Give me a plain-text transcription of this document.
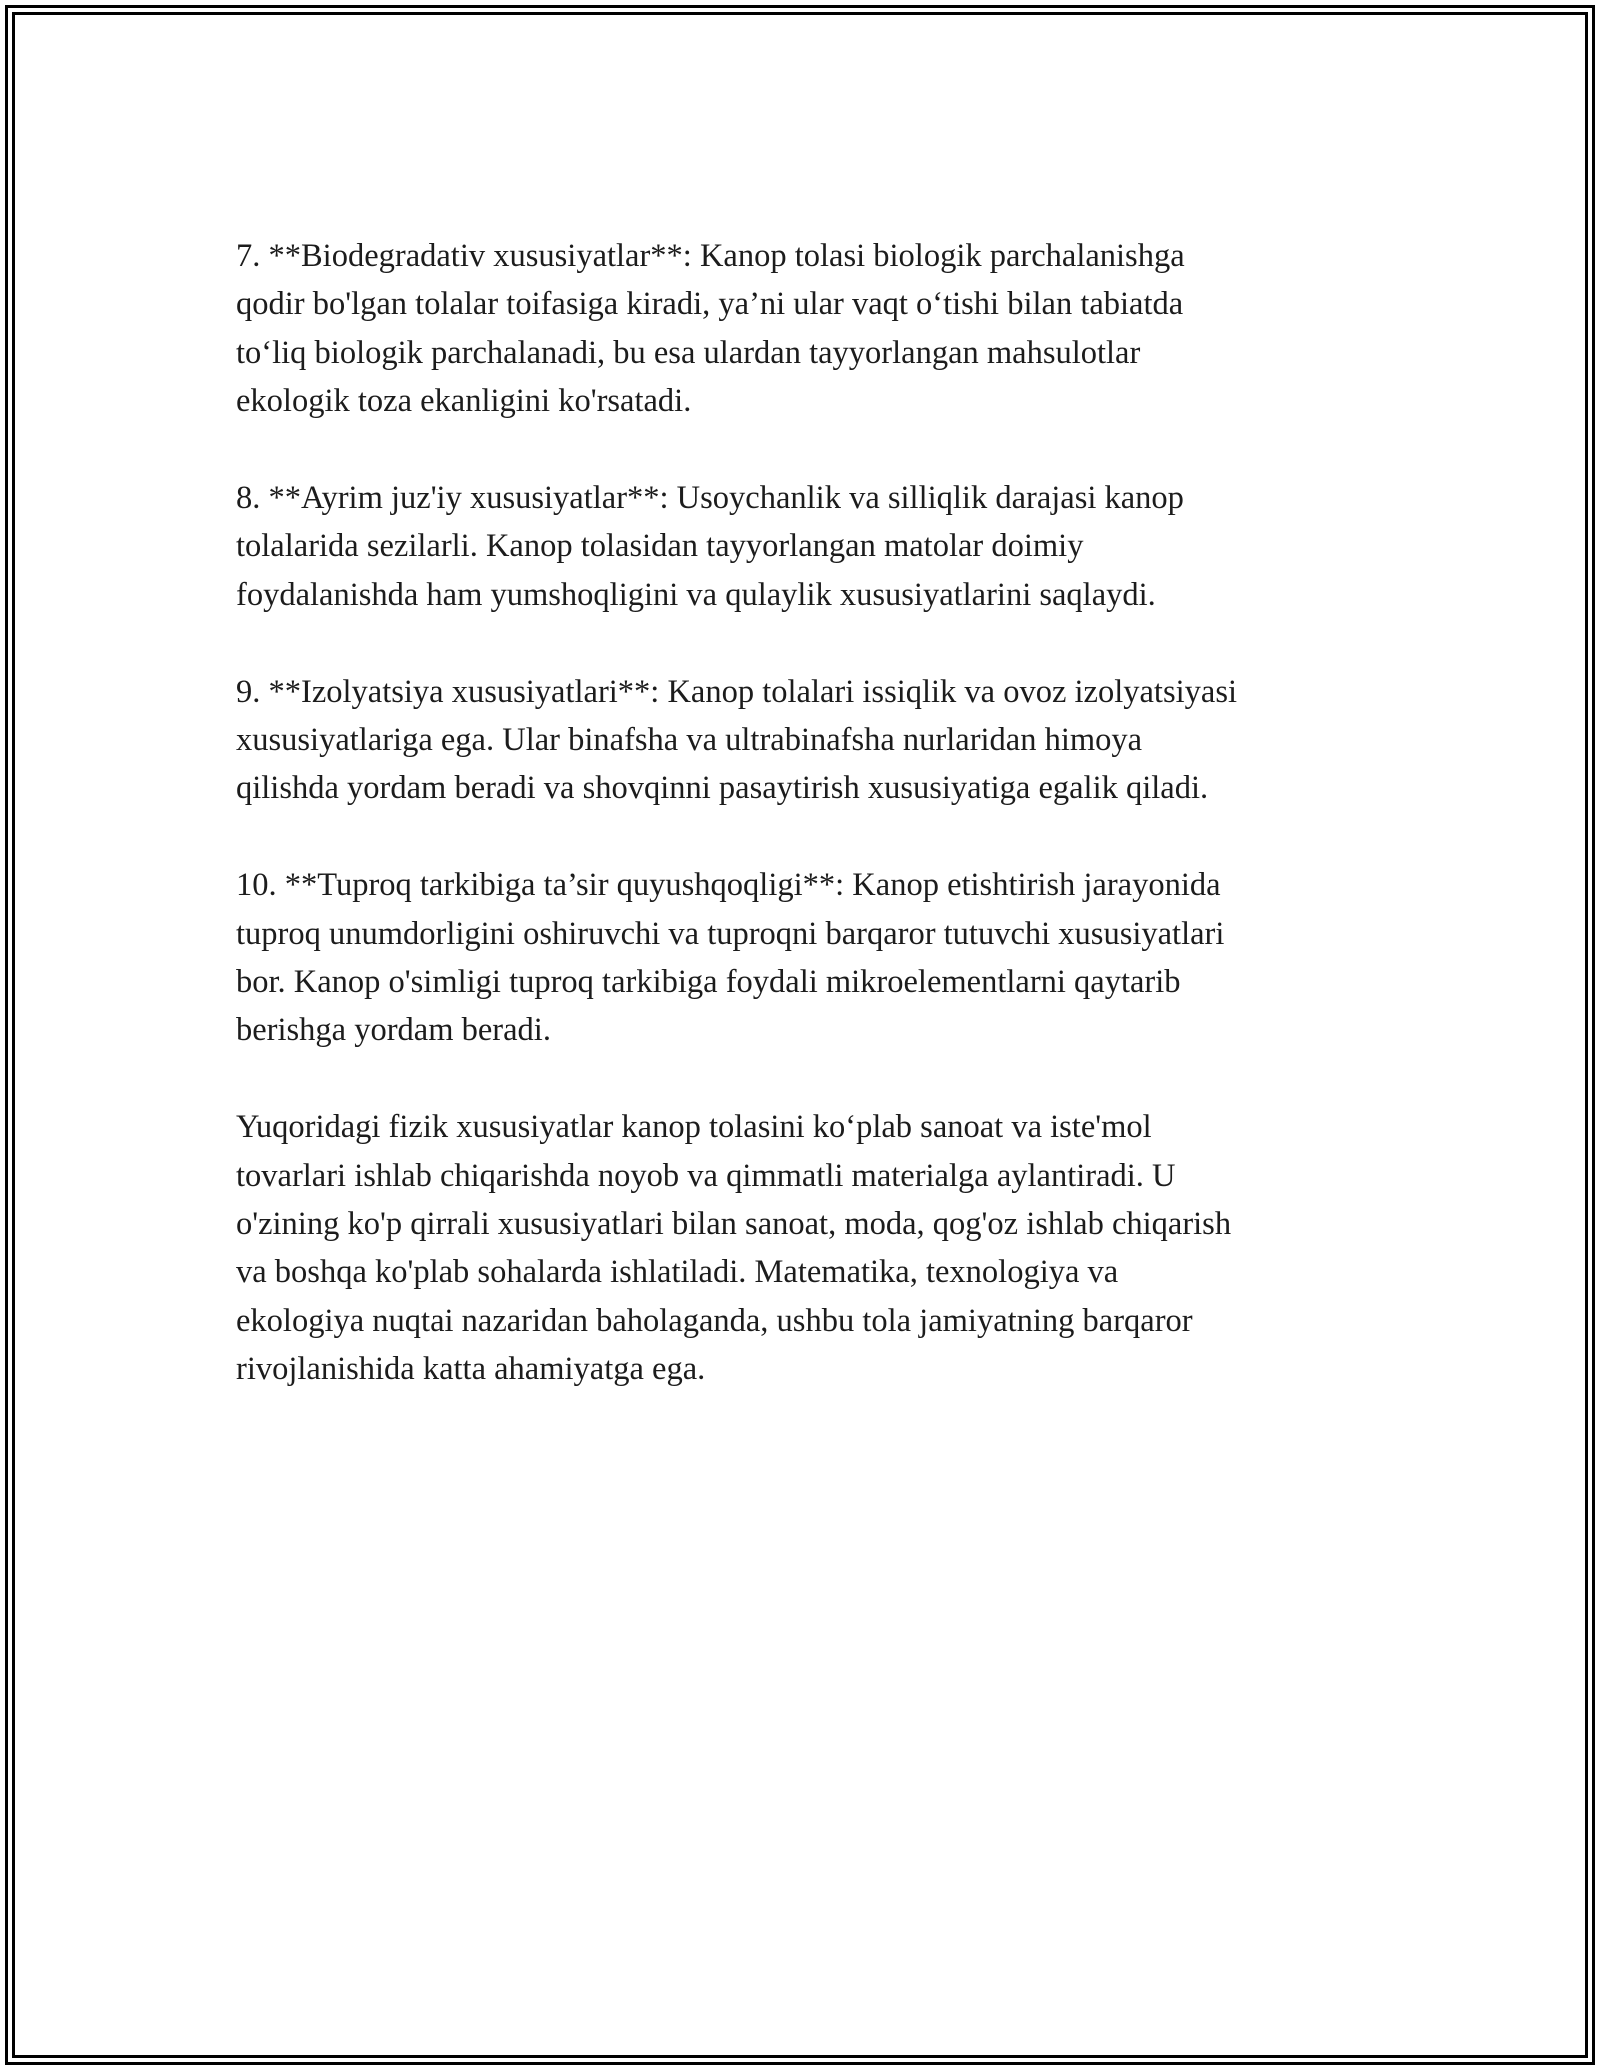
7. **Biodegradativ xususiyatlar**: Kanop tolasi biologik parchalanishga
qodir bo'lgan tolalar toifasiga kiradi, ya’ni ular vaqt o‘tishi bilan tabiatda
to‘liq biologik parchalanadi, bu esa ulardan tayyorlangan mahsulotlar
ekologik toza ekanligini ko'rsatadi.

8. **Ayrim juz'iy xususiyatlar**: Usoychanlik va silliqlik darajasi kanop
tolalarida sezilarli. Kanop tolasidan tayyorlangan matolar doimiy
foydalanishda ham yumshoqligini va qulaylik xususiyatlarini saqlaydi.

9. **Izolyatsiya xususiyatlari**: Kanop tolalari issiqlik va ovoz izolyatsiyasi
xususiyatlariga ega. Ular binafsha va ultrabinafsha nurlaridan himoya
qilishda yordam beradi va shovqinni pasaytirish xususiyatiga egalik qiladi.

10. **Tuproq tarkibiga ta’sir quyushqoqligi**: Kanop etishtirish jarayonida
tuproq unumdorligini oshiruvchi va tuproqni barqaror tutuvchi xususiyatlari
bor. Kanop o'simligi tuproq tarkibiga foydali mikroelementlarni qaytarib
berishga yordam beradi.

Yuqoridagi fizik xususiyatlar kanop tolasini ko‘plab sanoat va iste'mol
tovarlari ishlab chiqarishda noyob va qimmatli materialga aylantiradi. U
o'zining ko'p qirrali xususiyatlari bilan sanoat, moda, qog'oz ishlab chiqarish
va boshqa ko'plab sohalarda ishlatiladi. Matematika, texnologiya va
ekologiya nuqtai nazaridan baholaganda, ushbu tola jamiyatning barqaror
rivojlanishida katta ahamiyatga ega.
